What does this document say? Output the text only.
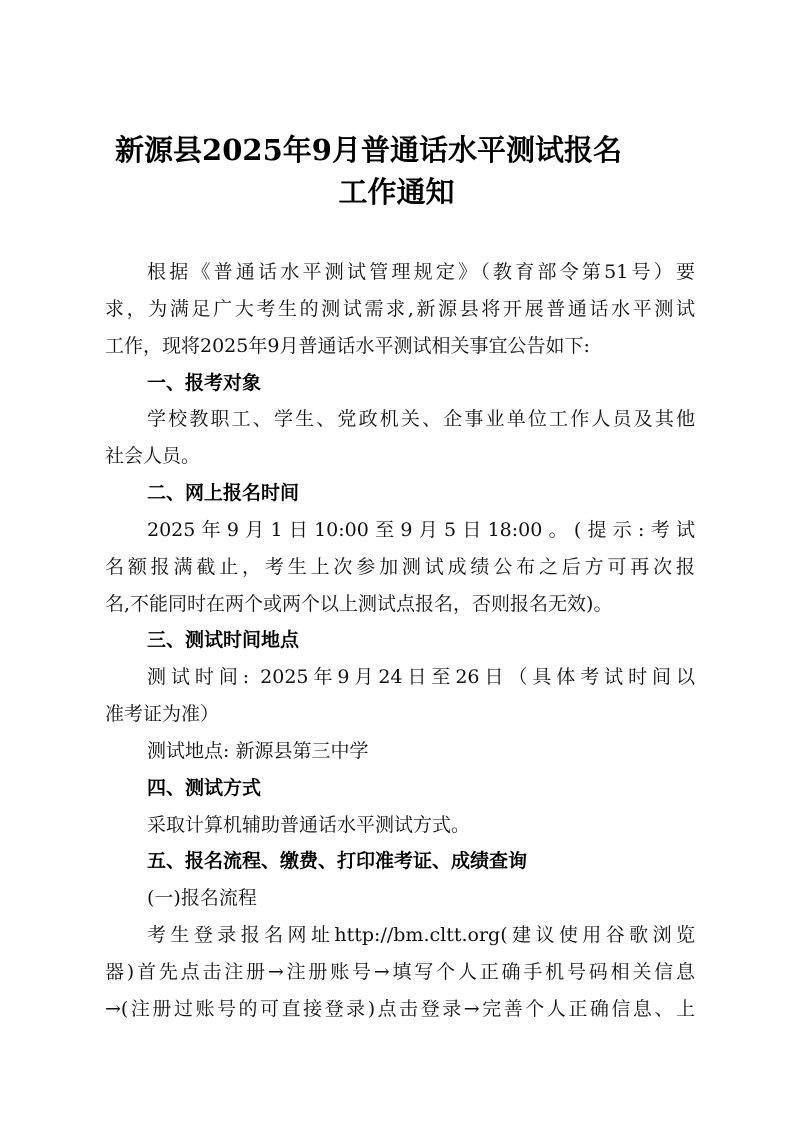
新源县2025年9月普通话水平测试报名
工作通知
根据《普通话水平测试管理规定》（教育部令第51号）要
求，为满足广大考生的测试需求,新源县将开展普通话水平测试
工作，现将2025年9月普通话水平测试相关事宜公告如下:
一、报考对象
学校教职工、学生、党政机关、企事业单位工作人员及其他
社会人员。
二、网上报名时间
2025年9月1日10:00至9月5日18:00。(提示:考试
名额报满截止，考生上次参加测试成绩公布之后方可再次报
名,不能同时在两个或两个以上测试点报名，否则报名无效)。
三、测试时间地点
测试时间: 2025年9月24日至26日（具体考试时间以
准考证为准）
测试地点: 新源县第三中学
四、测试方式
采取计算机辅助普通话水平测试方式。
五、报名流程、缴费、打印准考证、成绩查询
(一)报名流程
考生登录报名网址http://bm.cltt.org(建议使用谷歌浏览
器)首先点击注册→注册账号→填写个人正确手机号码相关信息
→(注册过账号的可直接登录)点击登录→完善个人正确信息、上
